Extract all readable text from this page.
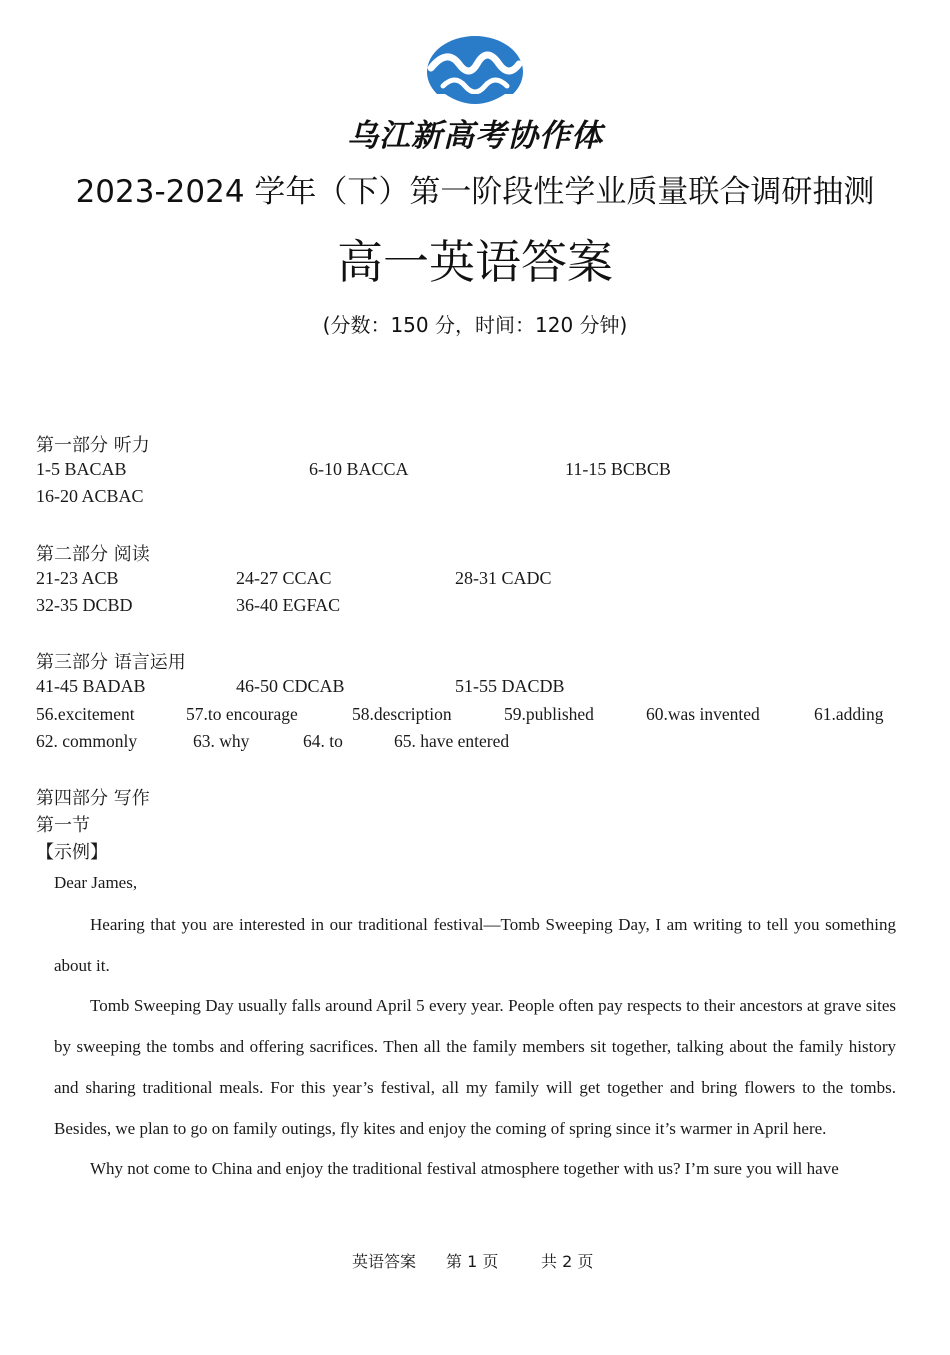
乌江新高考协作体
2023-2024 学年（下）第一阶段性学业质量联合调研抽测
高一英语答案
(分数：150 分，时间：120 分钟)
第一部分 听力
1-5 BACAB	6-10 BACCA	11-15 BCBCB
16-20 ACBAC
第二部分 阅读
21-23 ACB	24-27 CCAC	28-31 CADC
32-35 DCBD	36-40 EGFAC
第三部分 语言运用
41-45 BADAB	46-50 CDCAB	51-55 DACDB
56.excitement	57.to encourage	58.description	59.published	60.was invented	61.adding
62. commonly	63. why	64. to	65. have entered
第四部分 写作
第一节
【示例】
Dear James,

Hearing that you are interested in our traditional festival—Tomb Sweeping Day, I am writing to tell you something about it.

Tomb Sweeping Day usually falls around April 5 every year. People often pay respects to their ancestors at grave sites by sweeping the tombs and offering sacrifices. Then all the family members sit together, talking about the family history and sharing traditional meals. For this year’s festival, all my family will get together and bring flowers to the tombs. Besides, we plan to go on family outings, fly kites and enjoy the coming of spring since it’s warmer in April here.

Why not come to China and enjoy the traditional festival atmosphere together with us? I’m sure you will have

英语答案 第 1 页	共 2 页
